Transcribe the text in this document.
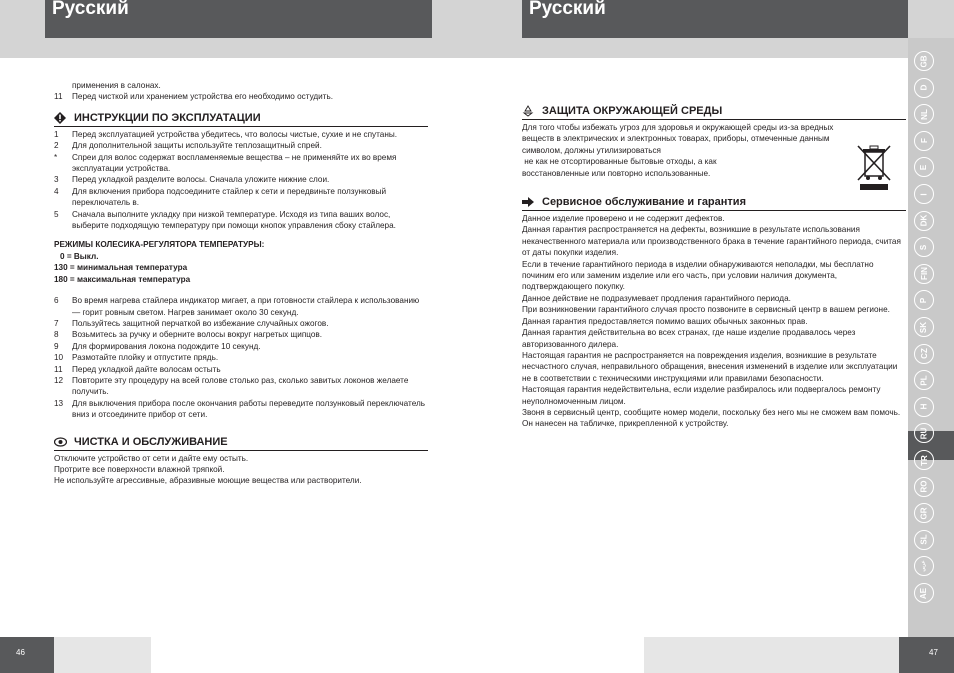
Русский	Русский
применения в салонах.
11	Перед чисткой или хранением устройства его необходимо остудить.
ИНСТРУКЦИИ ПО ЭКСПЛУАТАЦИИ
1	Перед эксплуатацией устройства убедитесь, что волосы чистые, сухие и не спутаны.
2	Для дополнительной защиты используйте теплозащитный спрей.
*	Спреи для волос содержат воспламеняемые вещества – не применяйте их во время эксплуатации устройства.
3	Перед укладкой разделите волосы. Сначала уложите нижние слои.
4	Для включения прибора подсоедините стайлер к сети и передвиньте ползунковый переключатель в.
5	Сначала выполните укладку при низкой температуре. Исходя из типа ваших волос, выберите подходящую температуру при помощи кнопок управления сбоку стайлера.
РЕЖИМЫ КОЛЕСИКА-РЕГУЛЯТОРА ТЕМПЕРАТУРЫ:
0 = Выкл.
130 = минимальная температура
180 = максимальная температура
6	Во время нагрева стайлера индикатор мигает, а при готовности стайлера к использованию — горит ровным светом. Нагрев занимает около 30 секунд.
7	Пользуйтесь защитной перчаткой во избежание случайных ожогов.
8	Возьмитесь за ручку и оберните волосы вокруг нагретых щипцов.
9	Для формирования локона подождите 10 секунд.
10	Размотайте плойку и отпустите прядь.
11	Перед укладкой дайте волосам остыть
12	Повторите эту процедуру на всей голове столько раз, сколько завитых локонов желаете получить.
13	Для выключения прибора после окончания работы переведите ползунковый переключатель вниз и отсоедините прибор от сети.
ЧИСТКА И ОБСЛУЖИВАНИЕ
Отключите устройство от сети и дайте ему остыть.
Протрите все поверхности влажной тряпкой.
Не используйте агрессивные, абразивные моющие вещества или растворители.
ЗАЩИТА ОКРУЖАЮЩЕЙ СРЕДЫ
Для того чтобы избежать угроз для здоровья и окружающей среды из-за вредных
веществ в электрических и электронных товарах, приборы, отмеченные данным
символом, должны утилизироваться
не как не отсортированные бытовые отходы, а как
восстановленные или повторно использованные.
Сервисное обслуживание и гарантия
Данное изделие проверено и не содержит дефектов.
Данная гарантия распространяется на дефекты, возникшие в результате использования некачественного материала или производственного брака в течение гарантийного периода, считая от даты покупки изделия.
Если в течение гарантийного периода в изделии обнаруживаются неполадки, мы бесплатно починим его или заменим изделие или его часть, при условии наличия документа, подтверждающего покупку.
Данное действие не подразумевает продления гарантийного периода.
При возникновении гарантийного случая просто позвоните в сервисный центр в вашем регионе.
Данная гарантия предоставляется помимо ваших обычных законных прав.
Данная гарантия действительна во всех странах, где наше изделие продавалось через авторизованного дилера.
Настоящая гарантия не распространяется на повреждения изделия, возникшие в результате несчастного случая, неправильного обращения, внесения изменений в изделие или эксплуатации не в соответствии с техническими инструкциями или правилами безопасности.
Настоящая гарантия недействительна, если изделие разбиралось или подвергалось ремонту неуполномоченным лицом.
Звоня в сервисный центр, сообщите номер модели, поскольку без него мы не сможем вам помочь.
Он нанесен на табличке, прикрепленной к устройству.
46	47
GB
D
NL
F
E
I
DK
S
FIN
P
SK
CZ
PL
H
RU
TR
RO
GR
SL
ﻋﺮﺑﻲ
AE
